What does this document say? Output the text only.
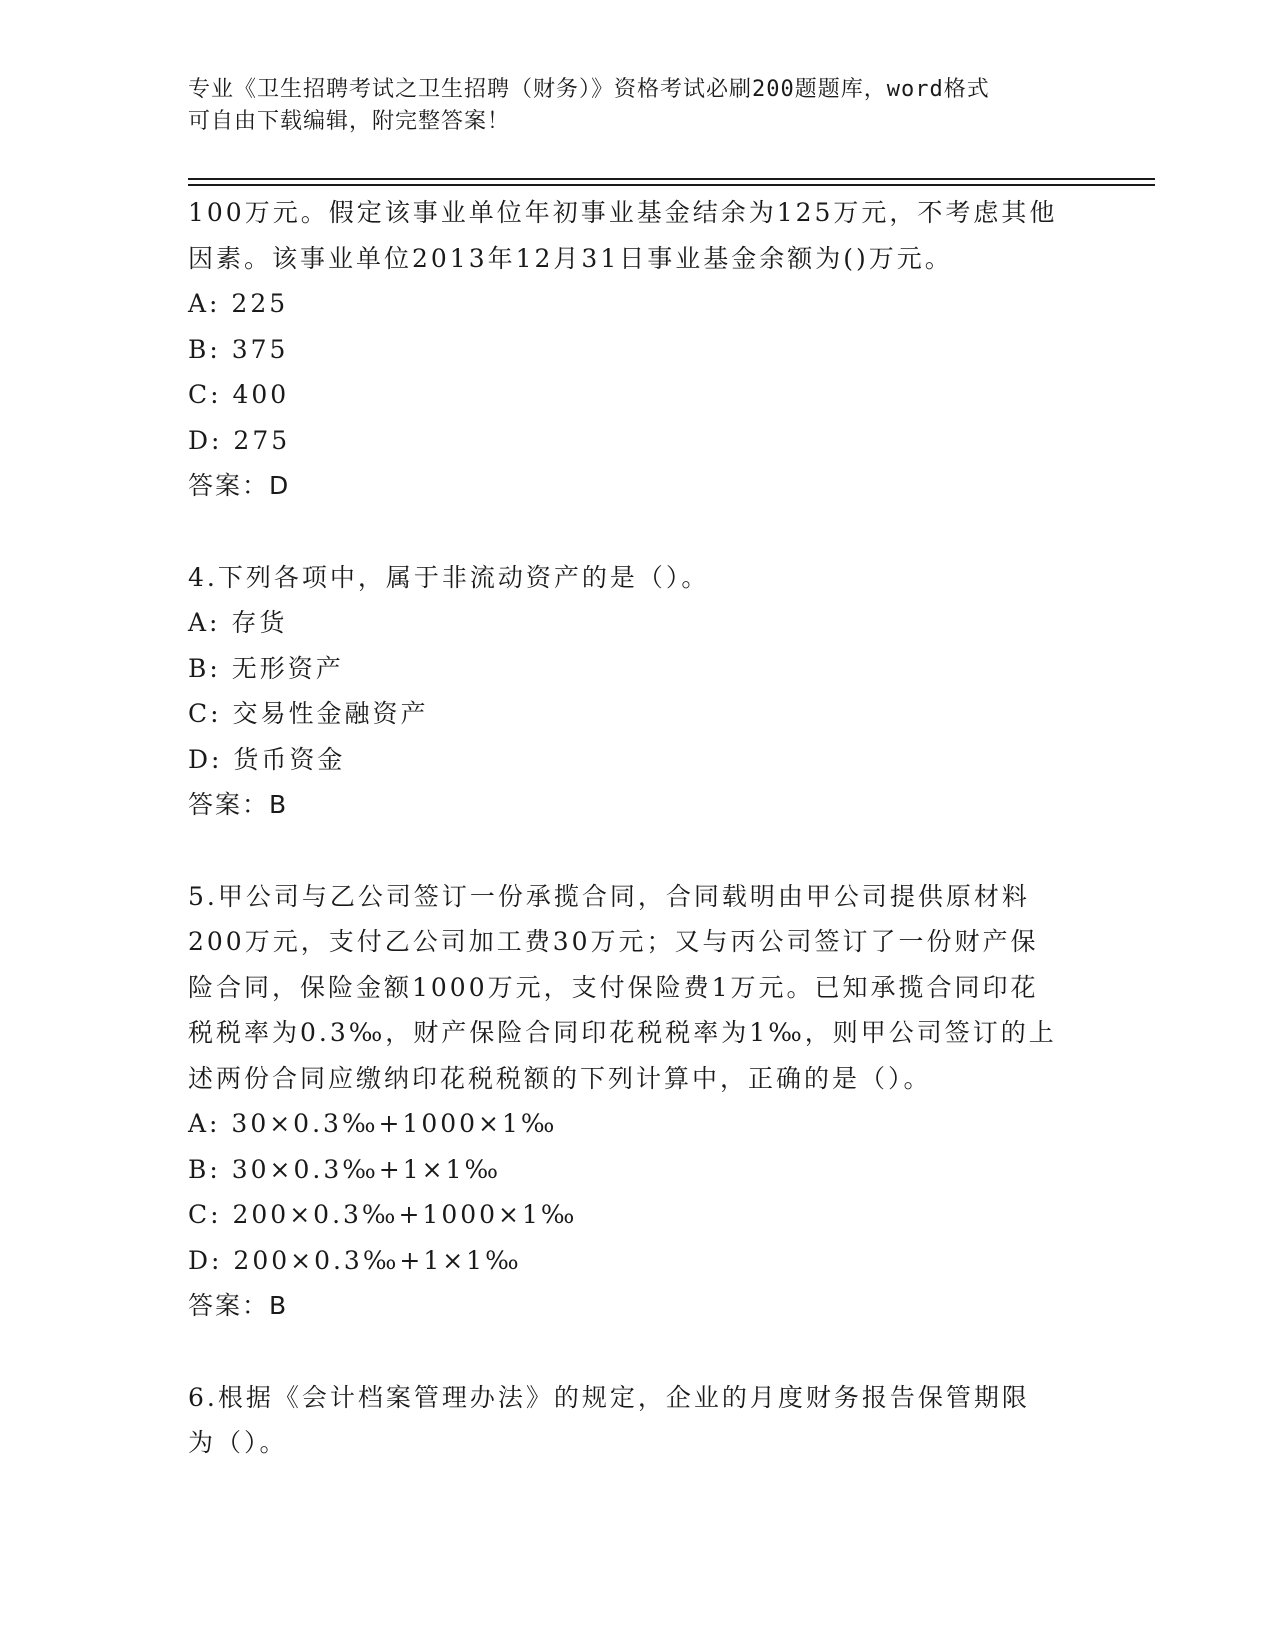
专业《卫生招聘考试之卫生招聘（财务）》资格考试必刷200题题库，word格式
可自由下载编辑，附完整答案！
100万元。假定该事业单位年初事业基金结余为125万元，不考虑其他
因素。该事业单位2013年12月31日事业基金余额为()万元。
A: 225
B: 375
C: 400
D: 275
答案：D
4.下列各项中，属于非流动资产的是（）。
A: 存货
B: 无形资产
C: 交易性金融资产
D: 货币资金
答案：B
5.甲公司与乙公司签订一份承揽合同，合同载明由甲公司提供原材料
200万元，支付乙公司加工费30万元；又与丙公司签订了一份财产保
险合同，保险金额1000万元，支付保险费1万元。已知承揽合同印花
税税率为0.3‰，财产保险合同印花税税率为1‰，则甲公司签订的上
述两份合同应缴纳印花税税额的下列计算中，正确的是（）。
A: 30×0.3‰+1000×1‰
B: 30×0.3‰+1×1‰
C: 200×0.3‰+1000×1‰
D: 200×0.3‰+1×1‰
答案：B
6.根据《会计档案管理办法》的规定，企业的月度财务报告保管期限
为（）。
